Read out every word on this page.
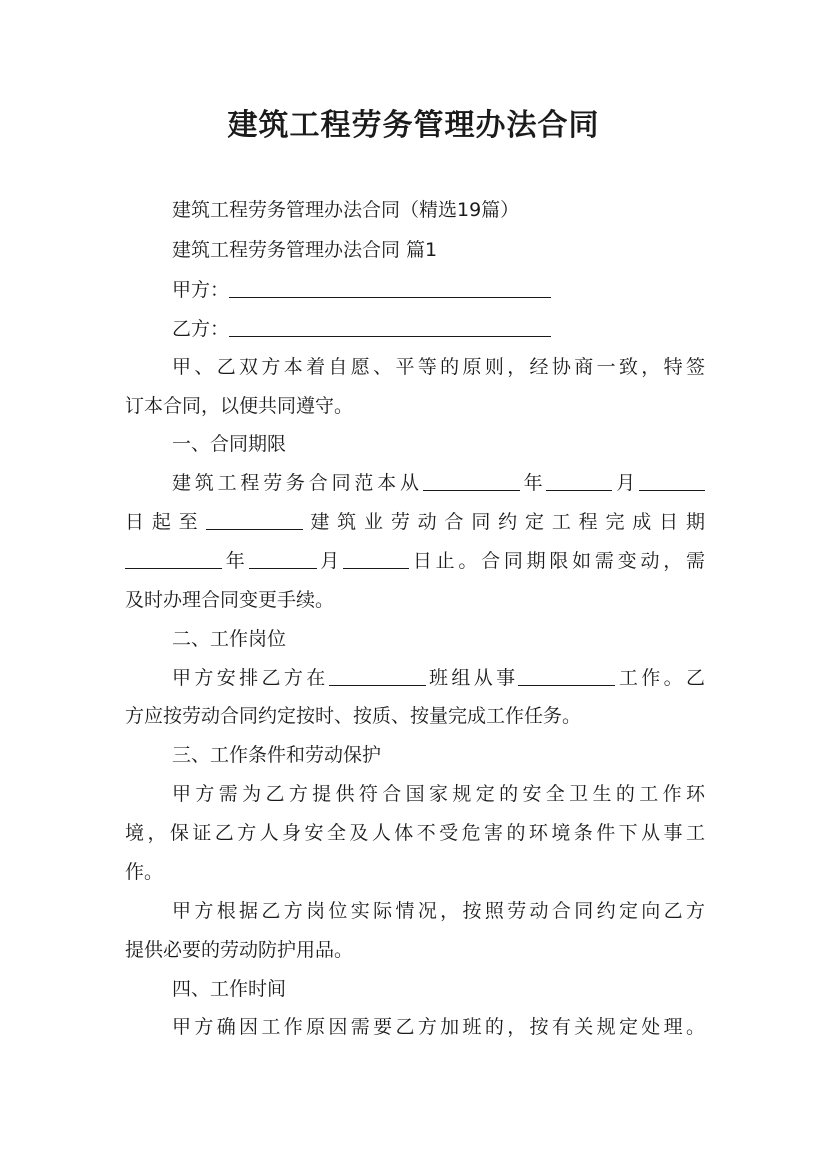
建筑工程劳务管理办法合同
建筑工程劳务管理办法合同（精选19篇）
建筑工程劳务管理办法合同 篇1
甲方：
乙方：
甲、乙双方本着自愿、平等的原则，经协商一致，特签
订本合同，以便共同遵守。
一、合同期限
建筑工程劳务合同范本从	年	月
日起至	建筑业劳动合同约定工程完成日期
年	月	日止。合同期限如需变动，需
及时办理合同变更手续。
二、工作岗位
甲方安排乙方在	班组从事	工作。乙
方应按劳动合同约定按时、按质、按量完成工作任务。
三、工作条件和劳动保护
甲方需为乙方提供符合国家规定的安全卫生的工作环
境，保证乙方人身安全及人体不受危害的环境条件下从事工
作。
甲方根据乙方岗位实际情况，按照劳动合同约定向乙方
提供必要的劳动防护用品。
四、工作时间
甲方确因工作原因需要乙方加班的，按有关规定处理。
